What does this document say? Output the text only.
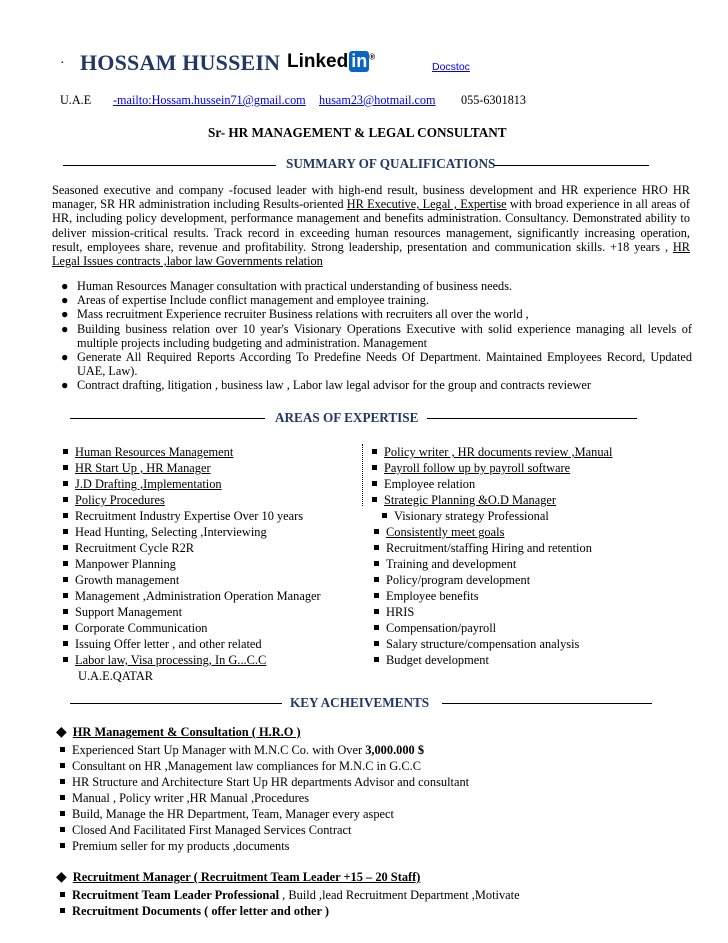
· HOSSAM HUSSEIN Linked in ®
Docstoc
U.A.E -mailto:Hossam.hussein71@gmail.com husam23@hotmail.com 055-6301813
Sr- HR MANAGEMENT & LEGAL CONSULTANT
SUMMARY OF QUALIFICATIONS
Seasoned executive and company -focused leader with high-end result, business development and HR experience HRO HR manager, SR HR administration including Results-oriented HR Executive, Legal , Expertise with broad experience in all areas of HR, including policy development, performance management and benefits administration. Consultancy. Demonstrated ability to deliver mission-critical results. Track record in exceeding human resources management, significantly increasing operation, result, employees share, revenue and profitability. Strong leadership, presentation and communication skills. +18 years , HR Legal Issues contracts ,labor law Governments relation
● Human Resources Manager consultation with practical understanding of business needs.
● Areas of expertise Include conflict management and employee training.
● Mass recruitment Experience recruiter Business relations with recruiters all over the world ,
● Building business relation over 10 year's Visionary Operations Executive with solid experience managing all levels of multiple projects including budgeting and administration. Management
● Generate All Required Reports According To Predefine Needs Of Department. Maintained Employees Record, Updated UAE, Law).
● Contract drafting, litigation , business law , Labor law legal advisor for the group and contracts reviewer
AREAS OF EXPERTISE
Human Resources Management
HR Start Up , HR Manager
J.D Drafting ,Implementation
Policy Procedures
Recruitment Industry Expertise Over 10 years
Head Hunting, Selecting ,Interviewing
Recruitment Cycle R2R
Manpower Planning
Growth management
Management ,Administration Operation Manager
Support Management
Corporate Communication
Issuing Offer letter , and other related
Labor law, Visa processing, In G...C.C
U.A.E.QATAR
Policy writer , HR documents review ,Manual
Payroll follow up by payroll software
Employee relation
Strategic Planning &O.D Manager
Visionary strategy Professional
Consistently meet goals
Recruitment/staffing Hiring and retention
Training and development
Policy/program development
Employee benefits
HRIS
Compensation/payroll
Salary structure/compensation analysis
Budget development
KEY ACHEIVEMENTS
◆ HR Management & Consultation ( H.R.O )
Experienced Start Up Manager with M.N.C Co. with Over 3,000.000 $
Consultant on HR ,Management law compliances for M.N.C in G.C.C
HR Structure and Architecture Start Up HR departments Advisor and consultant
Manual , Policy writer ,HR Manual ,Procedures
Build, Manage the HR Department, Team, Manager every aspect
Closed And Facilitated First Managed Services Contract
Premium seller for my products ,documents
◆ Recruitment Manager ( Recruitment Team Leader +15 – 20 Staff)
Recruitment Team Leader Professional , Build ,lead Recruitment Department ,Motivate
Recruitment Documents ( offer letter and other )
